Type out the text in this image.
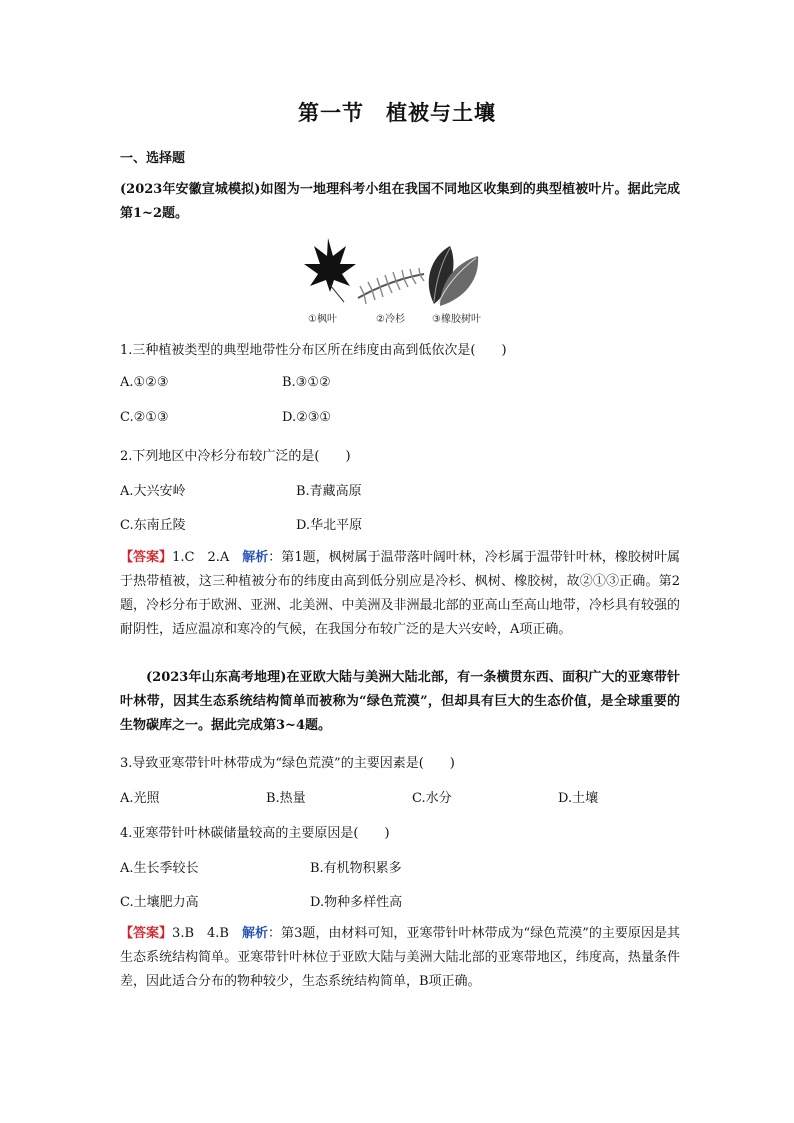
第一节　植被与土壤
一、选择题
(2023年安徽宣城模拟)如图为一地理科考小组在我国不同地区收集到的典型植被叶片。据此完成第1~2题。
①枫叶	②冷杉	③橡胶树叶
1.三种植被类型的典型地带性分布区所在纬度由高到低依次是(　　)
A.①②③	B.③①②
C.②①③	D.②③①
2.下列地区中冷杉分布较广泛的是(　　)
A.大兴安岭	B.青藏高原
C.东南丘陵	D.华北平原
【答案】1.C　2.A　解析：第1题，枫树属于温带落叶阔叶林，冷杉属于温带针叶林，橡胶树叶属于热带植被，这三种植被分布的纬度由高到低分别应是冷杉、枫树、橡胶树，故②①③正确。第2题，冷杉分布于欧洲、亚洲、北美洲、中美洲及非洲最北部的亚高山至高山地带，冷杉具有较强的耐阴性，适应温凉和寒冷的气候，在我国分布较广泛的是大兴安岭，A项正确。
(2023年山东高考地理)在亚欧大陆与美洲大陆北部，有一条横贯东西、面积广大的亚寒带针叶林带，因其生态系统结构简单而被称为“绿色荒漠”，但却具有巨大的生态价值，是全球重要的生物碳库之一。据此完成第3~4题。
3.导致亚寒带针叶林带成为“绿色荒漠”的主要因素是(　　)
A.光照	B.热量	C.水分	D.土壤
4.亚寒带针叶林碳储量较高的主要原因是(　　)
A.生长季较长	B.有机物积累多
C.土壤肥力高	D.物种多样性高
【答案】3.B　4.B　解析：第3题，由材料可知，亚寒带针叶林带成为“绿色荒漠”的主要原因是其生态系统结构简单。亚寒带针叶林位于亚欧大陆与美洲大陆北部的亚寒带地区，纬度高，热量条件差，因此适合分布的物种较少，生态系统结构简单，B项正确。
